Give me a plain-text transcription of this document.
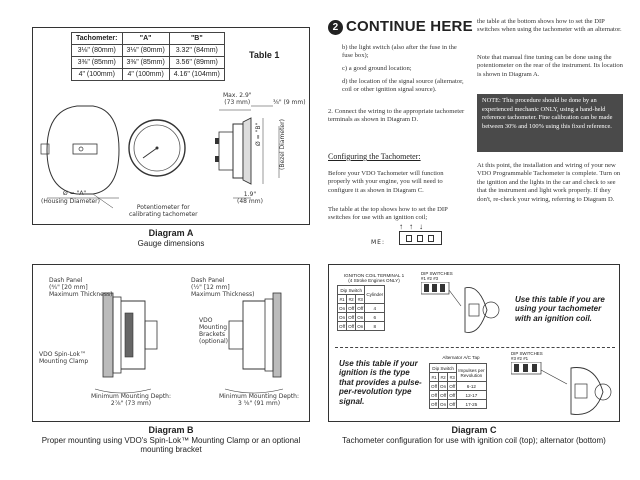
Tachometer:	"A"	"B"
3⅛" (80mm)	3⅛" (80mm)	3.32" (84mm)
3⅜" (85mm)	3⅜" (85mm)	3.56" (89mm)
4" (100mm)	4" (100mm)	4.16" (104mm)
Table 1
Max. 2.9"
(73 mm)	⅜" (9 mm)
Ø = "B"	(Bezel Diameter)
Ø = "A"
(Housing Diameter)
1.9"
(48 mm)
Potentiometer for
calibrating tachometer
Diagram A
Gauge dimensions
2 CONTINUE HERE
b) the light switch (also after the fuse in the fuse box);
c) a good ground location;
d) the location of the signal source (alternator, coil or other ignition signal source).
2. Connect the wiring to the appropriate tachometer terminals as shown in Diagram D.
Configuring the Tachometer:
Before your VDO Tachometer will function properly with your engine, you will need to configure it as shown in Diagram C.
The table at the top shows how to set the DIP switches for use with an ignition coil;
↑ ↑ ↓
ME:
the table at the bottom shows how to set the DIP switches when using the tachometer with an alternator.
Note that manual fine tuning can be done using the potentiometer on the rear of the instrument. Its location is shown in Diagram A.
NOTE: This procedure should be done by an experienced mechanic ONLY, using a hand-held reference tachometer. Fine calibration can be made between 30% and 100% using this fixed reference.
At this point, the installation and wiring of your new VDO Programmable Tachometer is complete. Turn on the ignition and the lights in the car and check to see that the instrument and light work properly. If they don't, re-check your wiring, referring to Diagram D.
Dash Panel
(⅘" [20 mm]
Maximum Thickness)
Dash Panel
(½" [12 mm]
Maximum Thickness)
VDO
Mounting
Brackets
(optional)
VDO Spin-Lok™
Mounting Clamp
Minimum Mounting Depth:
2⅞" (73 mm)
Minimum Mounting Depth:
3 ⅝" (91 mm)
Diagram B
Proper mounting using VDO's Spin-Lok™ Mounting Clamp or an optional mounting bracket
IGNITION COIL TERMINAL 1
(4 Stroke Engines ONLY)
Dip Switch			Cylinder
#1	#2	#3	
On	Off	Off	4
On	Off	On	6
Off	Off	On	8
DIP SWITCHES
#1 #2 #3
Use this table if you are using your tachometer with an ignition coil.
Use this table if your ignition is the type that provides a pulse-per-revolution type signal.
Alternator A/C Tap
Dip Switch			Impulses per
Revolution

#1	#2	#3	
Off	On	Off	6-12
Off	Off	Off	12-17
Off	On	Off	17-25
DIP SWITCHES
#3 #2 #1
Diagram C
Tachometer configuration for use with ignition coil (top); alternator (bottom)
